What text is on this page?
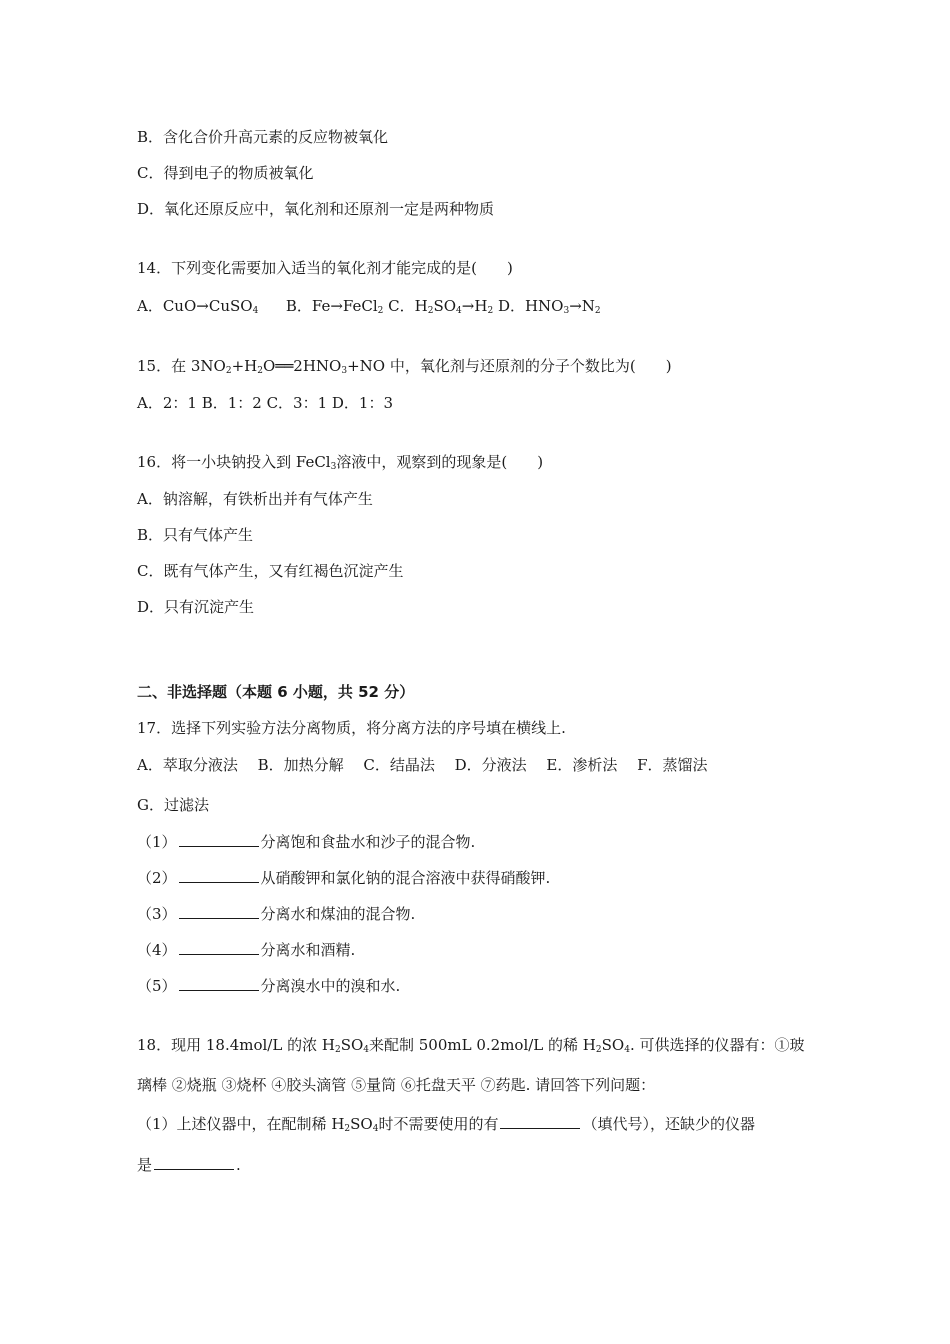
B．含化合价升高元素的反应物被氧化
C．得到电子的物质被氧化
D．氧化还原反应中，氧化剂和还原剂一定是两种物质
14．下列变化需要加入适当的氧化剂才能完成的是(　　)
A．CuO→CuSO$_4$ B．Fe→FeCl$_2$ C．$H_2SO_4\to H_2$ D．$HNO_3\to N_2$
15．在 $3NO_2+H_2O══2HNO_3+NO$ 中，氧化剂与还原剂的分子个数比为(　　)
A．2：1 B．1：2 C．3：1 D．1：3
16．将一小块钠投入到 FeCl$_3$溶液中，观察到的现象是(　　)
A．钠溶解，有铁析出并有气体产生
B．只有气体产生
C．既有气体产生，又有红褐色沉淀产生
D．只有沉淀产生
二、非选择题（本题 6 小题，共 52 分）
17．选择下列实验方法分离物质，将分离方法的序号填在横线上.
A．萃取分液法　 B．加热分解　 C．结晶法　 D．分液法　 E．渗析法　 F．蒸馏法
G．过滤法
（1）	分离饱和食盐水和沙子的混合物.
（2）	从硝酸钾和氯化钠的混合溶液中获得硝酸钾.
（3）	分离水和煤油的混合物.
（4）	分离水和酒精.
（5）	分离溴水中的溴和水.
18．现用 18.4mol/L 的浓 $H_2SO_4$来配制 500mL 0.2mol/L 的稀 $H_2SO_4$. 可供选择的仪器有：①玻
璃棒 ②烧瓶 ③烧杯 ④胶头滴管 ⑤量筒 ⑥托盘天平 ⑦药匙. 请回答下列问题：
（1）上述仪器中，在配制稀 $H_2SO_4$时不需要使用的有	（填代号），还缺少的仪器
是	.
